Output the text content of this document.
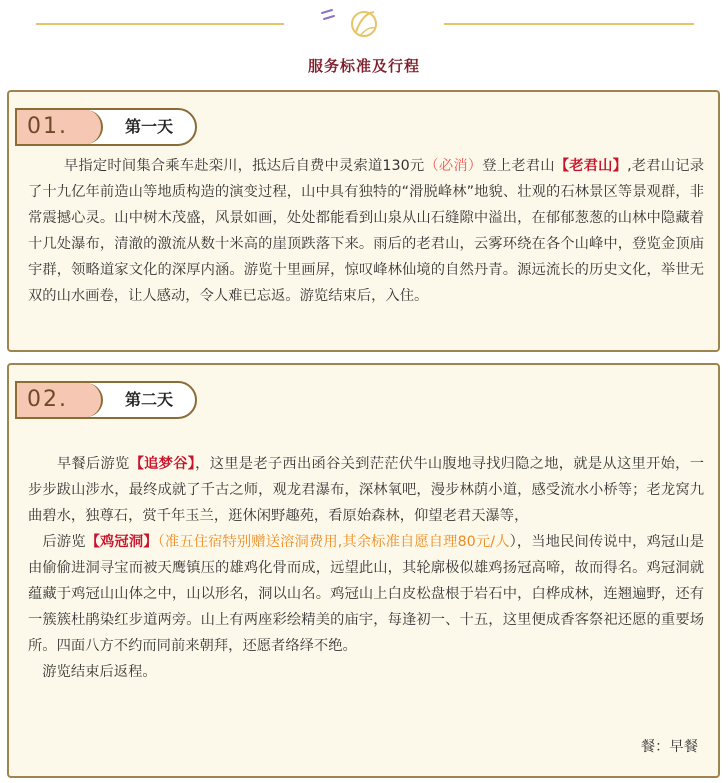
服务标准及行程
01.	第一天
   早指定时间集合乘车赴栾川，抵达后自费中灵索道130元（必消）登上老君山【老君山】,老君山记录了十九亿年前造山等地质构造的演变过程，山中具有独特的“滑脱峰林”地貌、壮观的石林景区等景观群，非常震撼心灵。山中树木茂盛，风景如画，处处都能看到山泉从山石缝隙中溢出，在郁郁葱葱的山林中隐藏着十几处瀑布，清澈的激流从数十米高的崖顶跌落下来。雨后的老君山，云雾环绕在各个山峰中，登览金顶庙宇群，领略道家文化的深厚内涵。游览十里画屏，惊叹峰林仙境的自然丹青。源远流长的历史文化，举世无双的山水画卷，让人感动，令人难已忘返。游览结束后，入住。
02.	第二天
  早餐后游览【追梦谷】，这里是老子西出函谷关到茫茫伏牛山腹地寻找归隐之地，就是从这里开始，一步步跋山涉水，最终成就了千古之师，观龙君瀑布，深林氧吧，漫步林荫小道，感受流水小桥等；老龙窝九曲碧水，独尊石，赏千年玉兰，逛休闲野趣苑，看原始森林，仰望老君天瀑等，
 后游览【鸡冠洞】（准五住宿特别赠送溶洞费用,其余标准自愿自理80元/人），当地民间传说中，鸡冠山是由偷偷进洞寻宝而被天鹰镇压的雄鸡化骨而成，远望此山，其轮廓极似雄鸡扬冠高啼，故而得名。鸡冠洞就蕴藏于鸡冠山山体之中，山以形名，洞以山名。鸡冠山上白皮松盘根于岩石中，白桦成林，连翘遍野，还有一簇簇杜鹃染红步道两旁。山上有两座彩绘精美的庙宇，每逢初一、十五，这里便成香客祭祀还愿的重要场所。四面八方不约而同前来朝拜，还愿者络绎不绝。
 游览结束后返程。
餐：早餐
